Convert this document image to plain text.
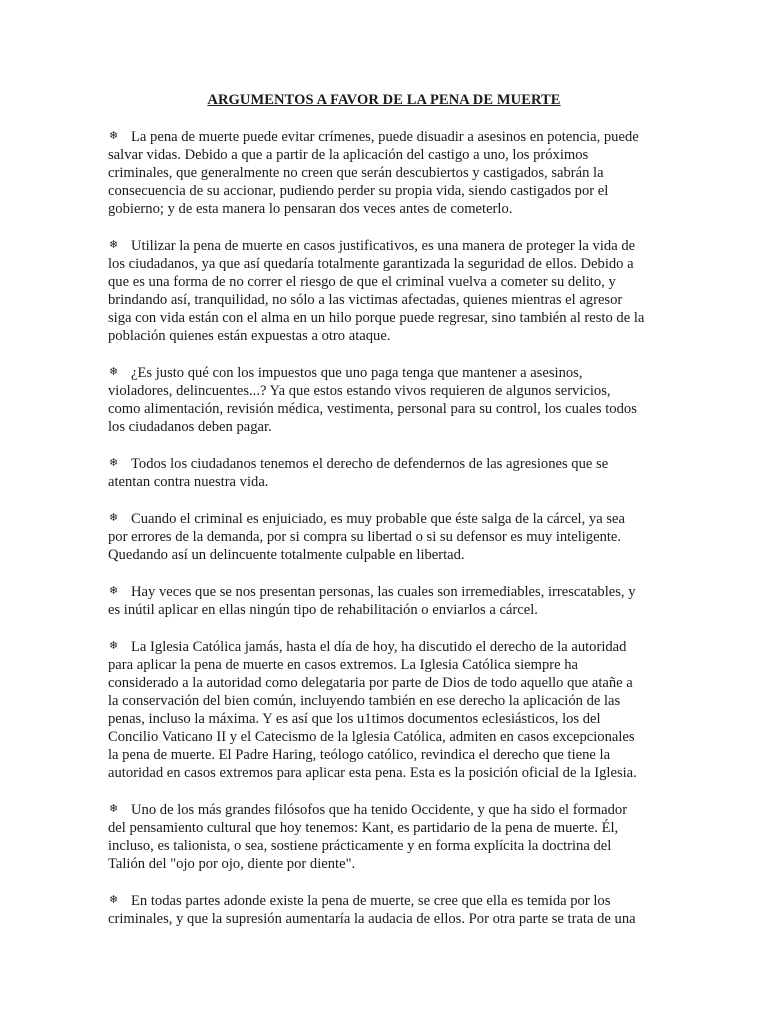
ARGUMENTOS A FAVOR DE LA PENA DE MUERTE

❄ La pena de muerte puede evitar crímenes, puede disuadir a asesinos en potencia, puede
salvar vidas. Debido a que a partir de la aplicación del castigo a uno, los próximos
criminales, que generalmente no creen que serán descubiertos y castigados, sabrán la
consecuencia de su accionar, pudiendo perder su propia vida, siendo castigados por el
gobierno; y de esta manera lo pensaran dos veces antes de cometerlo.

❄ Utilizar la pena de muerte en casos justificativos, es una manera de proteger la vida de
los ciudadanos, ya que así quedaría totalmente garantizada la seguridad de ellos. Debido a
que es una forma de no correr el riesgo de que el criminal vuelva a cometer su delito, y
brindando así, tranquilidad, no sólo a las victimas afectadas, quienes mientras el agresor
siga con vida están con el alma en un hilo porque puede regresar, sino también al resto de la
población quienes están expuestas a otro ataque.

❄ ¿Es justo qué con los impuestos que uno paga tenga que mantener a asesinos,
violadores, delincuentes...? Ya que estos estando vivos requieren de algunos servicios,
como alimentación, revisión médica, vestimenta, personal para su control, los cuales todos
los ciudadanos deben pagar.

❄ Todos los ciudadanos tenemos el derecho de defendernos de las agresiones que se
atentan contra nuestra vida.

❄ Cuando el criminal es enjuiciado, es muy probable que éste salga de la cárcel, ya sea
por errores de la demanda, por si compra su libertad o si su defensor es muy inteligente.
Quedando así un delincuente totalmente culpable en libertad.

❄ Hay veces que se nos presentan personas, las cuales son irremediables, irrescatables, y
es inútil aplicar en ellas ningún tipo de rehabilitación o enviarlos a cárcel.

❄ La Iglesia Católica jamás, hasta el día de hoy, ha discutido el derecho de la autoridad
para aplicar la pena de muerte en casos extremos. La Iglesia Católica siempre ha
considerado a la autoridad como delegataria por parte de Dios de todo aquello que atañe a
la conservación del bien común, incluyendo también en ese derecho la aplicación de las
penas, incluso la máxima. Y es así que los u1timos documentos eclesiásticos, los del
Concilio Vaticano II y el Catecismo de la lglesia Católica, admiten en casos excepcionales
la pena de muerte. El Padre Haring, teólogo católico, revindica el derecho que tiene la
autoridad en casos extremos para aplicar esta pena. Esta es la posición oficial de la Iglesia.

❄ Uno de los más grandes filósofos que ha tenido Occidente, y que ha sido el formador
del pensamiento cultural que hoy tenemos: Kant, es partidario de la pena de muerte. Él,
incluso, es talionista, o sea, sostiene prácticamente y en forma explícita la doctrina del
Talión del "ojo por ojo, diente por diente".

❄ En todas partes adonde existe la pena de muerte, se cree que ella es temida por los
criminales, y que la supresión aumentaría la audacia de ellos. Por otra parte se trata de una
